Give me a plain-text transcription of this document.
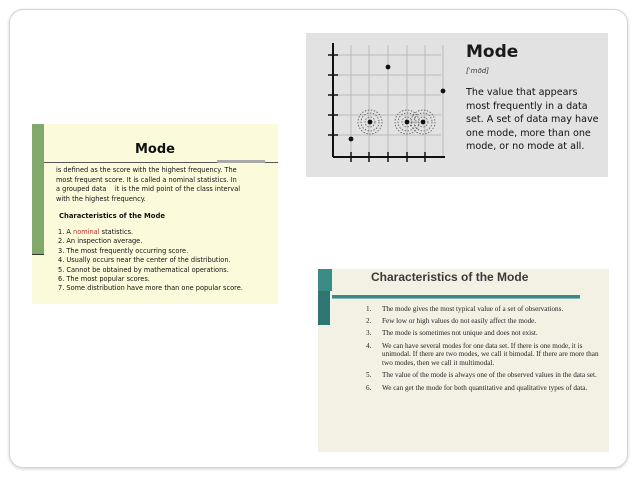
Mode
is defined as the score with the highest frequency. The
most frequent score. It is called a nominal statistics. In
a grouped data    it is the mid point of the class interval
with the highest frequency.
Characteristics of the Mode
1. A nominal statistics.
2. An inspection average.
3. The most frequently occurring score.
4. Usually occurs near the center of the distribution.
5. Cannot be obtained by mathematical operations.
6. The most popular scores.
7. Some distribution have more than one popular score.
Mode
[ˈmōd]
The value that appears most frequently in a data set. A set of data may have one mode, more than one mode, or no mode at all.
Characteristics of the Mode
1. The mode gives the most typical value of a set of observations.
2. Few low or high values do not easily affect the mode.
3. The mode is sometimes not unique and does not exist.
4. We can have several modes for one data set. If there is one mode, it is unimodal. If there are two modes, we call it bimodal. If there are more than two modes, then we call it multimodal.
5. The value of the mode is always one of the observed values in the data set.
6. We can get the mode for both quantitative and qualitative types of data.
